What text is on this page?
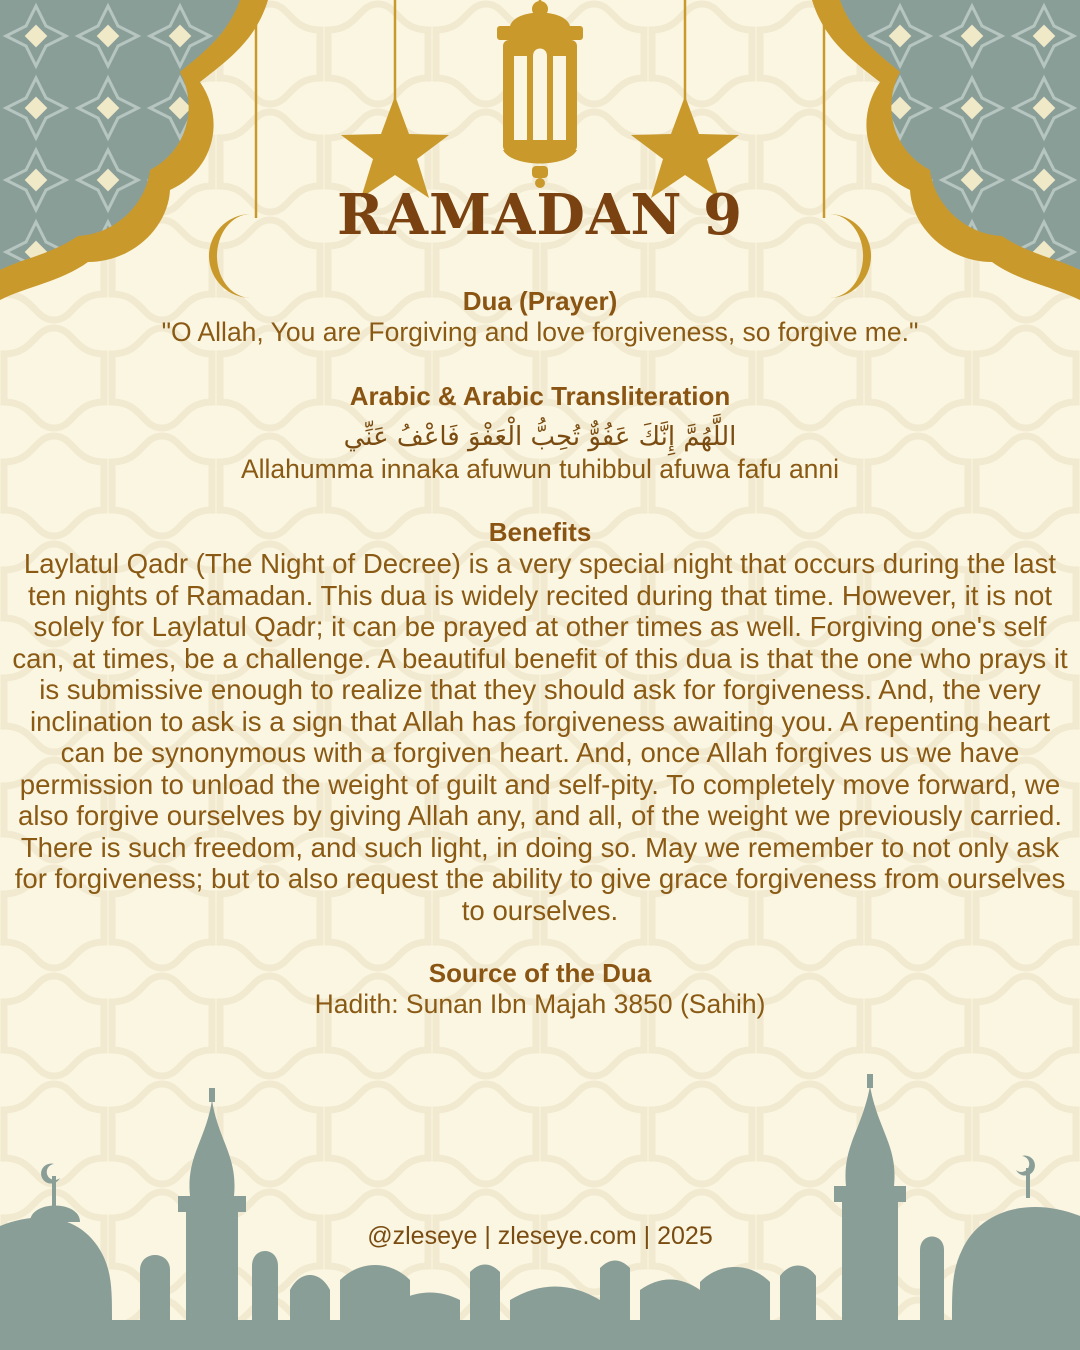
RAMADAN 9

Dua (Prayer)

"O Allah, You are Forgiving and love forgiveness, so forgive me."

Arabic & Arabic Transliteration

اللَّهُمَّ إِنَّكَ عَفُوٌّ تُحِبُّ الْعَفْوَ فَاعْفُ عَنِّي

Allahumma innaka afuwun tuhibbul afuwa fafu anni

Benefits

Laylatul Qadr (The Night of Decree) is a very special night that occurs during the last ten nights of Ramadan. This dua is widely recited during that time. However, it is not solely for Laylatul Qadr; it can be prayed at other times as well. Forgiving one's self can, at times, be a challenge. A beautiful benefit of this dua is that the one who prays it is submissive enough to realize that they should ask for forgiveness. And, the very inclination to ask is a sign that Allah has forgiveness awaiting you. A repenting heart can be synonymous with a forgiven heart. And, once Allah forgives us we have permission to unload the weight of guilt and self-pity. To completely move forward, we also forgive ourselves by giving Allah any, and all, of the weight we previously carried. There is such freedom, and such light, in doing so. May we remember to not only ask for forgiveness; but to also request the ability to give grace forgiveness from ourselves to ourselves.

Source of the Dua

Hadith: Sunan Ibn Majah 3850 (Sahih)

@zleseye | zleseye.com | 2025
